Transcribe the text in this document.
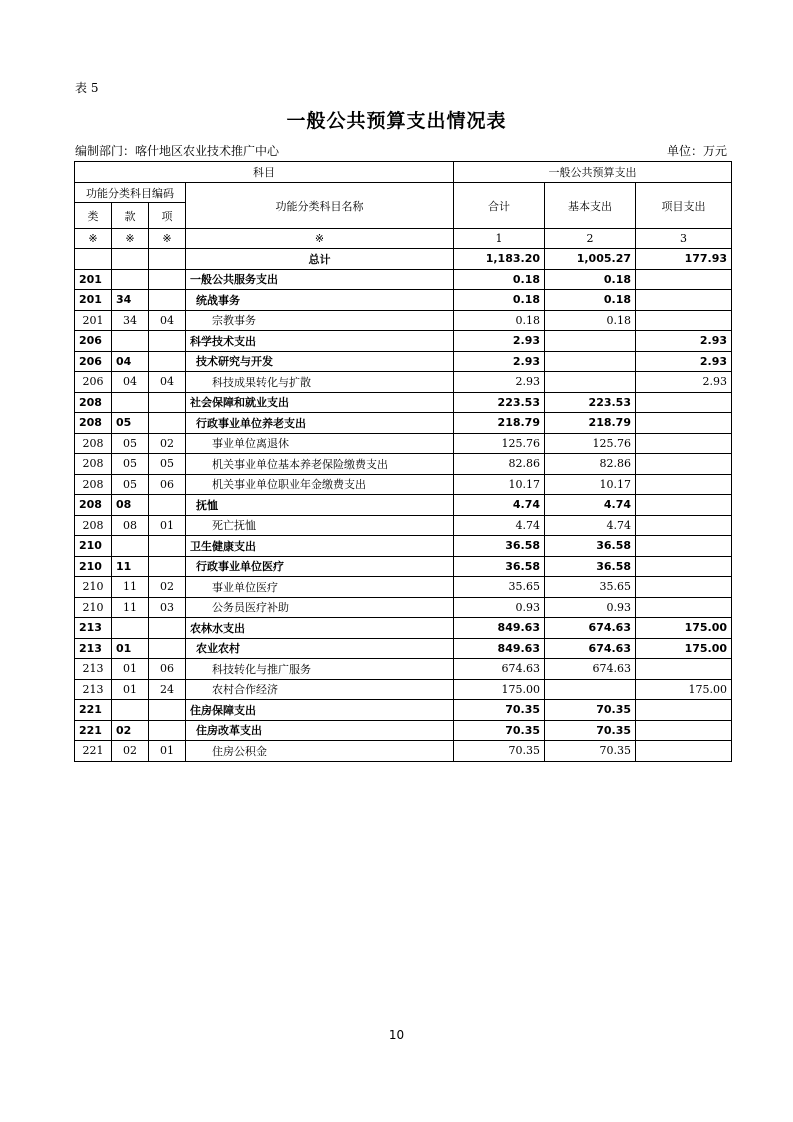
表 5
一般公共预算支出情况表
编制部门：喀什地区农业技术推广中心	单位：万元
科目				一般公共预算支出		
功能分类科目编码			功能分类科目名称	合计	基本支出	项目支出
类	款	项				
※	※	※	※	1	2	3
			总计	1,183.20	1,005.27	177.93
201			一般公共服务支出	0.18	0.18	
201	34		统战事务	0.18	0.18	
201	34	04	宗教事务	0.18	0.18	
206			科学技术支出	2.93		2.93
206	04		技术研究与开发	2.93		2.93
206	04	04	科技成果转化与扩散	2.93		2.93
208			社会保障和就业支出	223.53	223.53	
208	05		行政事业单位养老支出	218.79	218.79	
208	05	02	事业单位离退休	125.76	125.76	
208	05	05	机关事业单位基本养老保险缴费支出	82.86	82.86	
208	05	06	机关事业单位职业年金缴费支出	10.17	10.17	
208	08		抚恤	4.74	4.74	
208	08	01	死亡抚恤	4.74	4.74	
210			卫生健康支出	36.58	36.58	
210	11		行政事业单位医疗	36.58	36.58	
210	11	02	事业单位医疗	35.65	35.65	
210	11	03	公务员医疗补助	0.93	0.93	
213			农林水支出	849.63	674.63	175.00
213	01		农业农村	849.63	674.63	175.00
213	01	06	科技转化与推广服务	674.63	674.63	
213	01	24	农村合作经济	175.00		175.00
221			住房保障支出	70.35	70.35	
221	02		住房改革支出	70.35	70.35	
221	02	01	住房公积金	70.35	70.35	
10
